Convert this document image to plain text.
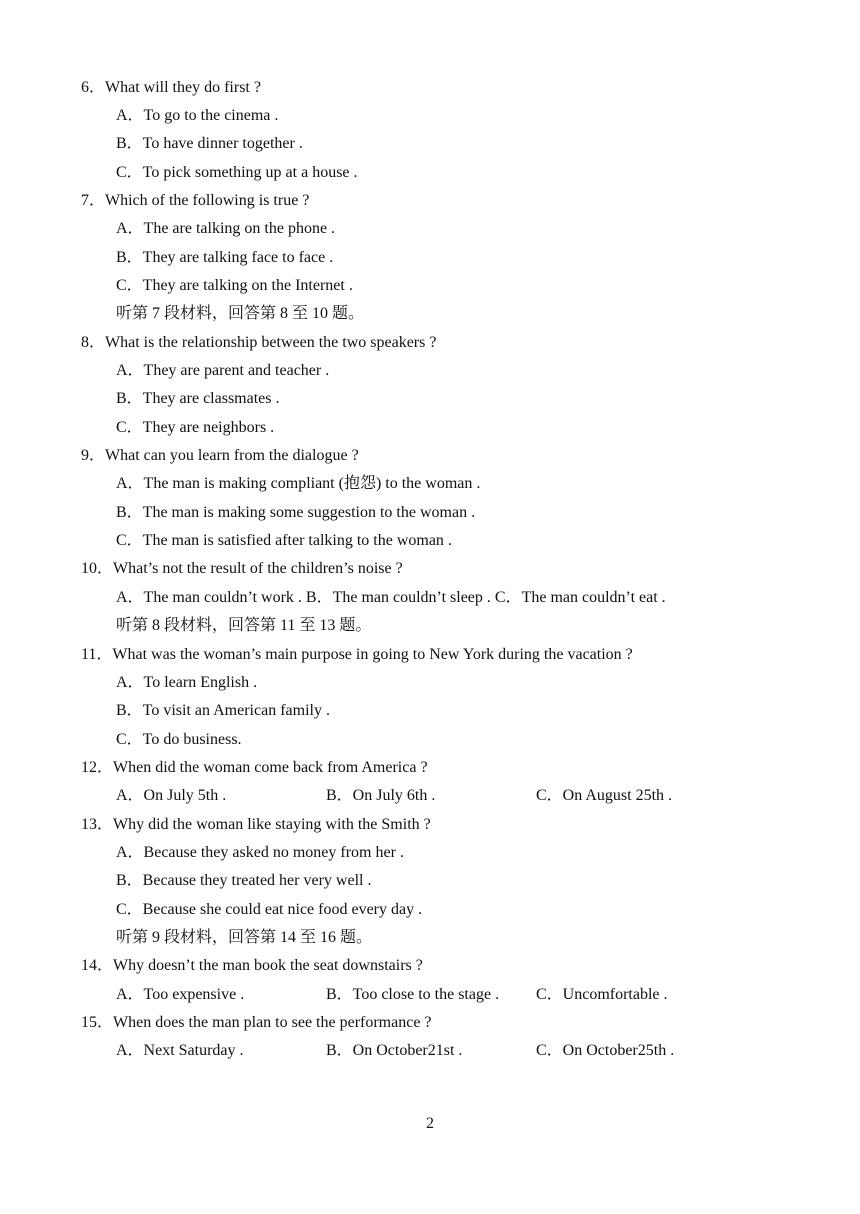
6．What will they do first ?
A．To go to the cinema .
B．To have dinner together .
C．To pick something up at a house .
7．Which of the following is true ?
A．The are talking on the phone .
B．They are talking face to face .
C．They are talking on the Internet .
听第 7 段材料，回答第 8 至 10 题。
8．What is the relationship between the two speakers ?
A．They are parent and teacher .
B．They are classmates .
C．They are neighbors .
9．What can you learn from the dialogue ?
A．The man is making compliant (抱怨) to the woman .
B．The man is making some suggestion to the woman .
C．The man is satisfied after talking to the woman .
10．What’s not the result of the children’s noise ?
A．The man couldn’t work . B．The man couldn’t sleep . C．The man couldn’t eat .
听第 8 段材料，回答第 11 至 13 题。
11．What was the woman’s main purpose in going to New York during the vacation ?
A．To learn English .
B．To visit an American family .
C．To do business.
12．When did the woman come back from America ?
A．On July 5th .	B．On July 6th .	C．On August 25th .
13．Why did the woman like staying with the Smith ?
A．Because they asked no money from her .
B．Because they treated her very well .
C．Because she could eat nice food every day .
听第 9 段材料，回答第 14 至 16 题。
14．Why doesn’t the man book the seat downstairs ?
A．Too expensive .	B．Too close to the stage . C．Uncomfortable .
15．When does the man plan to see the performance ?
A．Next Saturday .	B．On October21st .	C．On October25th .
2
